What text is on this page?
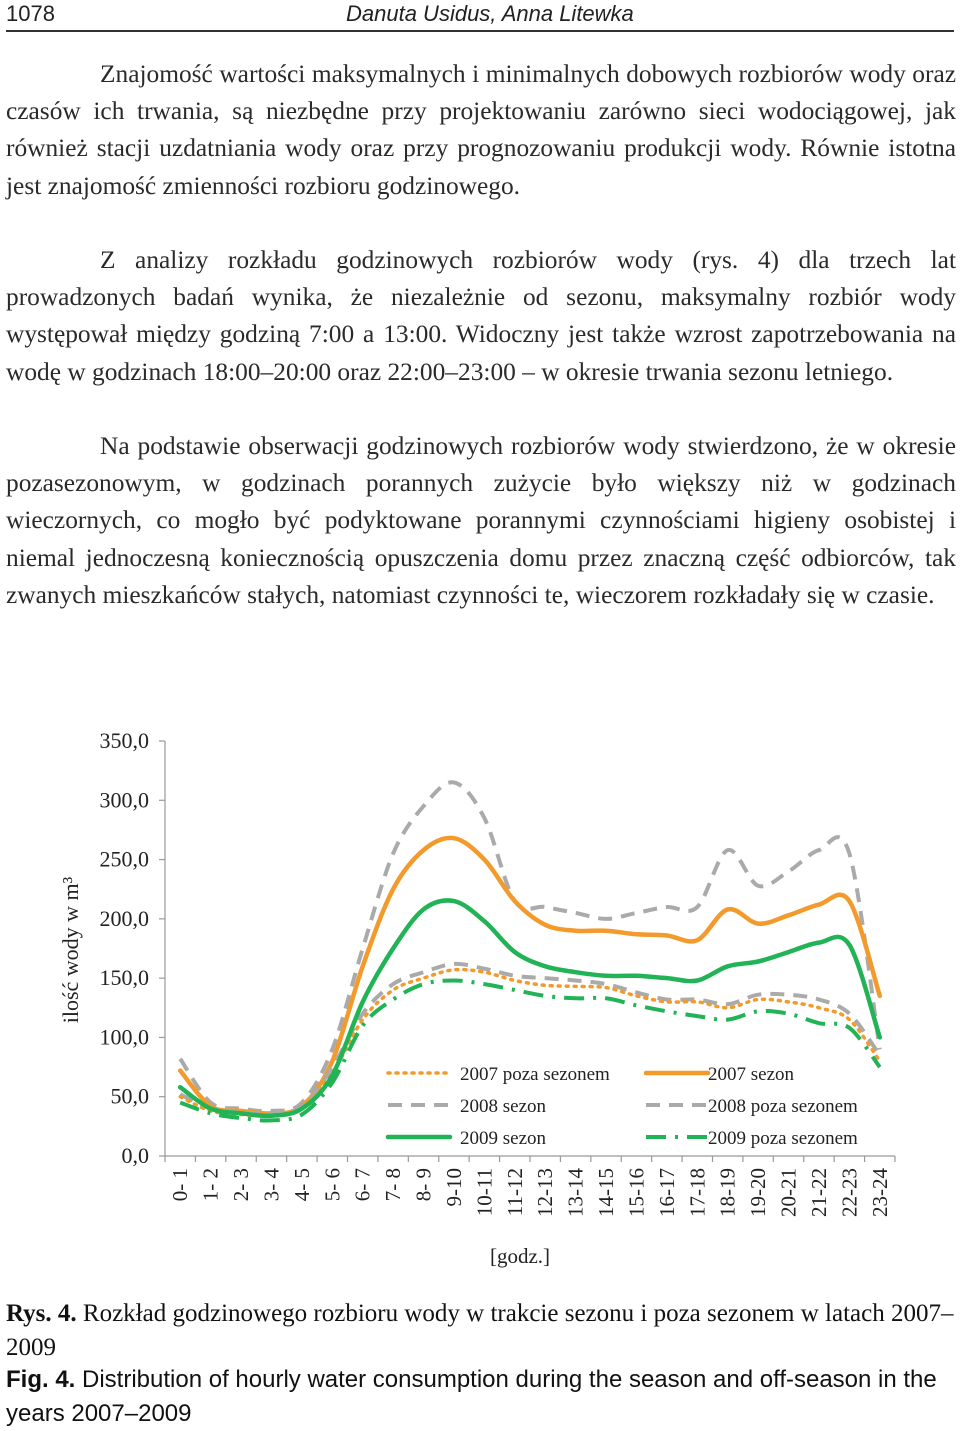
1078	Danuta Usidus, Anna Litewka

Znajomość wartości maksymalnych i minimalnych dobowych rozbiorów wody oraz czasów ich trwania, są niezbędne przy projektowaniu zarówno sieci wodociągowej, jak również stacji uzdatniania wody oraz przy prognozowaniu produkcji wody. Równie istotna jest znajomość zmienności rozbioru godzinowego.

Z analizy rozkładu godzinowych rozbiorów wody (rys. 4) dla trzech lat prowadzonych badań wynika, że niezależnie od sezonu, maksymalny rozbiór wody występował między godziną 7:00 a 13:00. Widoczny jest także wzrost zapotrzebowania na wodę w godzinach 18:00–20:00 oraz 22:00–23:00 – w okresie trwania sezonu letniego.

Na podstawie obserwacji godzinowych rozbiorów wody stwierdzono, że w okresie pozasezonowym, w godzinach porannych zużycie było większy niż w godzinach wieczornych, co mogło być podyktowane porannymi czynnościami higieny osobistej i niemal jednoczesną koniecznością opuszczenia domu przez znaczną część odbiorców, tak zwanych mieszkańców stałych, natomiast czynności te, wieczorem rozkładały się w czasie.

0,0
50,0
100,0
150,0
200,0
250,0
300,0
350,0
0- 1 1- 2 2- 3 3- 4 4- 5 5- 6 6- 7 7- 8 8- 9 9-10 10-11 11-12 12-13 13-14 14-15 15-16 16-17 17-18 18-19 19-20 20-21 21-22 22-23 23-24
ilość wody w m³
[godz.]
2007 poza sezonem	2007 sezon
2008 sezon	2008 poza sezonem
2009 sezon	2009 poza sezonem

Rys. 4. Rozkład godzinowego rozbioru wody w trakcie sezonu i poza sezonem w latach 2007–2009

Fig. 4. Distribution of hourly water consumption during the season and off-season in the years 2007–2009
